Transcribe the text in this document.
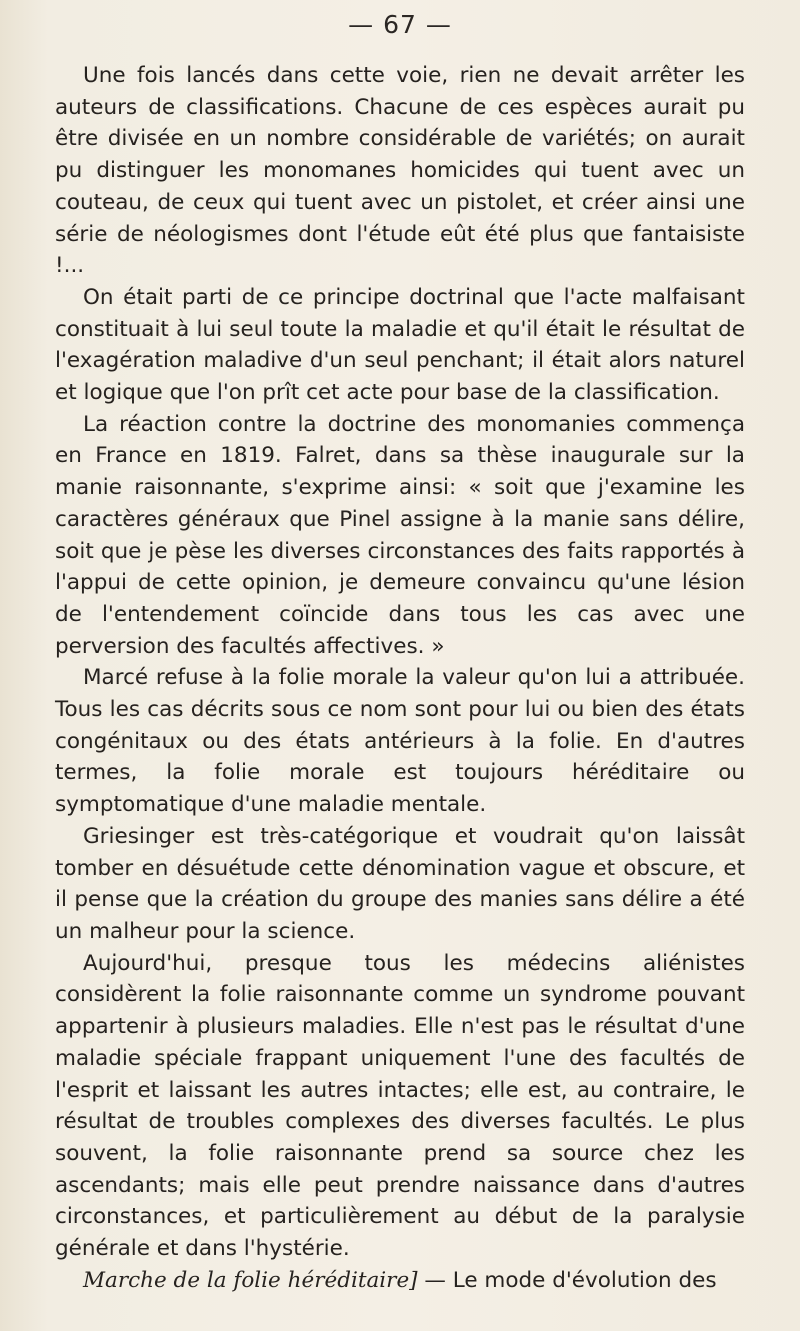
— 67 —

Une fois lancés dans cette voie, rien ne devait arrêter les auteurs de classifications. Chacune de ces espèces aurait pu être divisée en un nombre considérable de variétés; on aurait pu distinguer les monomanes homicides qui tuent avec un couteau, de ceux qui tuent avec un pistolet, et créer ainsi une série de néologismes dont l'étude eût été plus que fantaisiste !...

On était parti de ce principe doctrinal que l'acte malfaisant constituait à lui seul toute la maladie et qu'il était le résultat de l'exagération maladive d'un seul penchant; il était alors naturel et logique que l'on prît cet acte pour base de la classification.

La réaction contre la doctrine des monomanies commença en France en 1819. Falret, dans sa thèse inaugurale sur la manie raisonnante, s'exprime ainsi: « soit que j'examine les caractères généraux que Pinel assigne à la manie sans délire, soit que je pèse les diverses circonstances des faits rapportés à l'appui de cette opinion, je demeure convaincu qu'une lésion de l'entendement coïncide dans tous les cas avec une perversion des facultés affectives. »

Marcé refuse à la folie morale la valeur qu'on lui a attribuée. Tous les cas décrits sous ce nom sont pour lui ou bien des états congénitaux ou des états antérieurs à la folie. En d'autres termes, la folie morale est toujours héréditaire ou symptomatique d'une maladie mentale.

Griesinger est très-catégorique et voudrait qu'on laissât tomber en désuétude cette dénomination vague et obscure, et il pense que la création du groupe des manies sans délire a été un malheur pour la science.

Aujourd'hui, presque tous les médecins aliénistes considèrent la folie raisonnante comme un syndrome pouvant appartenir à plusieurs maladies. Elle n'est pas le résultat d'une maladie spéciale frappant uniquement l'une des facultés de l'esprit et laissant les autres intactes; elle est, au contraire, le résultat de troubles complexes des diverses facultés. Le plus souvent, la folie raisonnante prend sa source chez les ascendants; mais elle peut prendre naissance dans d'autres circonstances, et particulièrement au début de la paralysie générale et dans l'hystérie.

Marche de la folie héréditaire] — Le mode d'évolution des
